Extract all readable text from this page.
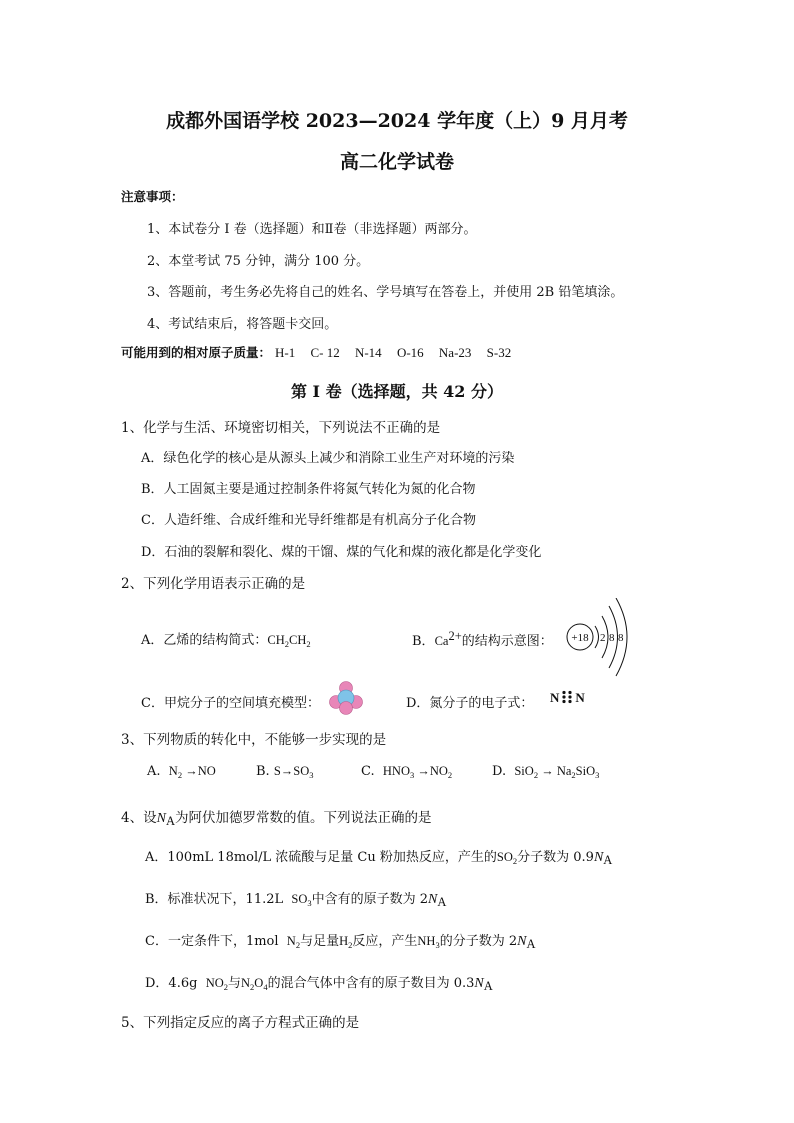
成都外国语学校 2023—2024 学年度（上）9 月月考
高二化学试卷
注意事项：
1、本试卷分 I 卷（选择题）和Ⅱ卷（非选择题）两部分。
2、本堂考试 75 分钟，满分 100 分。
3、答题前，考生务必先将自己的姓名、学号填写在答卷上，并使用 2B 铅笔填涂。
4、考试结束后，将答题卡交回。
可能用到的相对原子质量： H-1 C- 12 N-14 O-16 Na-23 S-32
第 I 卷（选择题，共 42 分）
1、化学与生活、环境密切相关，下列说法不正确的是
A．绿色化学的核心是从源头上减少和消除工业生产对环境的污染
B．人工固氮主要是通过控制条件将氮气转化为氮的化合物
C．人造纤维、合成纤维和光导纤维都是有机高分子化合物
D．石油的裂解和裂化、煤的干馏、煤的气化和煤的液化都是化学变化
2、下列化学用语表示正确的是
A．乙烯的结构简式：$CH_2CH_2$	B．$Ca^{2+}$的结构示意图： +18 2 8 8
C．甲烷分子的空间填充模型：	D．氮分子的电子式： N N
3、下列物质的转化中，不能够一步实现的是
A. $N_2 \to NO$	B. $S\to SO_3$	C. $HNO_3 \to NO_2$	D. $SiO_2 \to Na_2SiO_3$
4、设$N_A$为阿伏加德罗常数的值。下列说法正确的是
A．100mL 18mol/L 浓硫酸与足量 Cu 粉加热反应，产生的$SO_2$分子数为 $0.9N_A$
B．标准状况下，11.2L $SO_3$中含有的原子数为 $2N_A$
C．一定条件下，1mol $N_2$与足量$H_2$反应，产生$NH_3$的分子数为 $2N_A$
D．4.6g $NO_2$与$N_2O_4$的混合气体中含有的原子数目为 $0.3N_A$
5、下列指定反应的离子方程式正确的是
